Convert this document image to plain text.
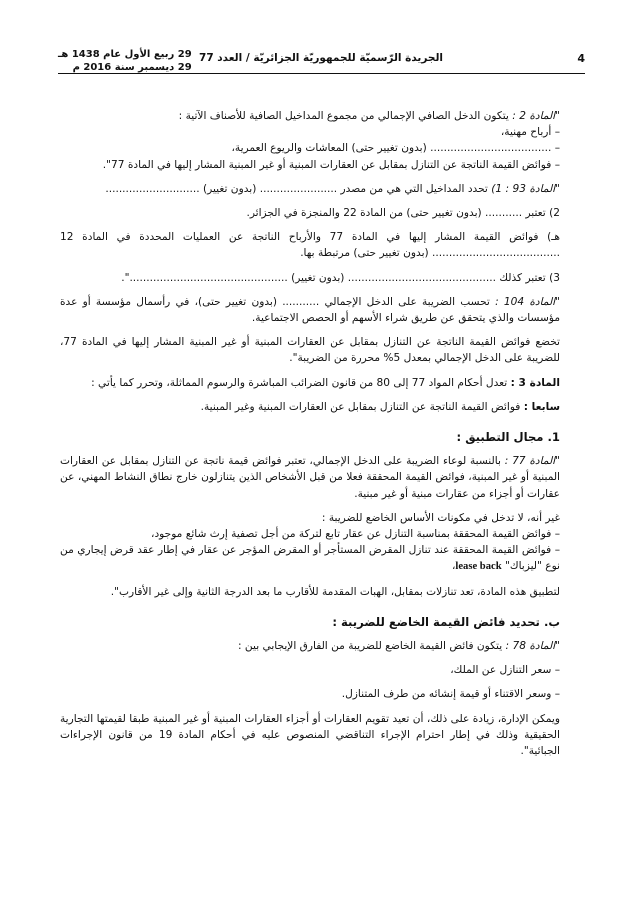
4
الجريدة الرّسميّة للجمهوريّة الجزائريّة / العدد 77
29 ربيع الأول عام 1438 هـ
29 ديسمبر سنة 2016 م

"المادة 2 : يتكون الدخل الصافي الإجمالي من مجموع المداخيل الصافية للأصناف الآتية :

– أرباح مهنية،

– .................................... (بدون تغيير حتى) المعاشات والريوع العمرية،

– فوائض القيمة الناتجة عن التنازل بمقابل عن العقارات المبنية أو غير المبنية المشار إليها في المادة 77".

"المادة 93 : 1) تحدد المداخيل التي هي من مصدر ....................... (بدون تغيير) ............................

2) تعتبر ........... (بدون تغيير حتى) من المادة 22 والمنجزة في الجزائر.

هـ) فوائض القيمة المشار إليها في المادة 77 والأرباح الناتجة عن العمليات المحددة في المادة 12 ...................................... (بدون تغيير حتى) مرتبطة بها.

3) تعتبر كذلك ............................................ (بدون تغيير) ...............................................".

"المادة 104 : تحسب الضريبة على الدخل الإجمالي ........... (بدون تغيير حتى)، في رأسمال مؤسسة أو عدة مؤسسات والذي يتحقق عن طريق شراء الأسهم أو الحصص الاجتماعية.

تخضع فوائض القيمة الناتجة عن التنازل بمقابل عن العقارات المبنية أو غير المبنية المشار إليها في المادة 77، للضريبة على الدخل الإجمالي بمعدل 5% محررة من الضريبة".

المادة 3 : تعدل أحكام المواد 77 إلى 80 من قانون الضرائب المباشرة والرسوم المماثلة، وتحرر كما يأتي :

سابعا : فوائض القيمة الناتجة عن التنازل بمقابل عن العقارات المبنية وغير المبنية.

1. مجال التطبيق :

"المادة 77 : بالنسبة لوعاء الضريبة على الدخل الإجمالي، تعتبر فوائض قيمة ناتجة عن التنازل بمقابل عن العقارات المبنية أو غير المبنية، فوائض القيمة المحققة فعلا من قبل الأشخاص الذين يتنازلون خارج نطاق النشاط المهني، عن عقارات أو أجزاء من عقارات مبنية أو غير مبنية.

غير أنه، لا تدخل في مكونات الأساس الخاضع للضريبة :

– فوائض القيمة المحققة بمناسبة التنازل عن عقار تابع لتركة من أجل تصفية إرث شائع موجود،

– فوائض القيمة المحققة عند تنازل المقرض المستأجر أو المقرض المؤجر عن عقار في إطار عقد قرض إيجاري من نوع "ليزباك" lease back،

لتطبيق هذه المادة، تعد تنازلات بمقابل، الهبات المقدمة للأقارب ما بعد الدرجة الثانية وإلى غير الأقارب".

ب. تحديد فائض القيمة الخاضع للضريبة :

"المادة 78 : يتكون فائض القيمة الخاضع للضريبة من الفارق الإيجابي بين :

– سعر التنازل عن الملك،

– وسعر الاقتناء أو قيمة إنشائه من طرف المتنازل.

ويمكن الإدارة، زيادة على ذلك، أن تعيد تقويم العقارات أو أجزاء العقارات المبنية أو غير المبنية طبقا لقيمتها التجارية الحقيقية وذلك في إطار احترام الإجراء التناقضي المنصوص عليه في أحكام المادة 19 من قانون الإجراءات الجبائية".
